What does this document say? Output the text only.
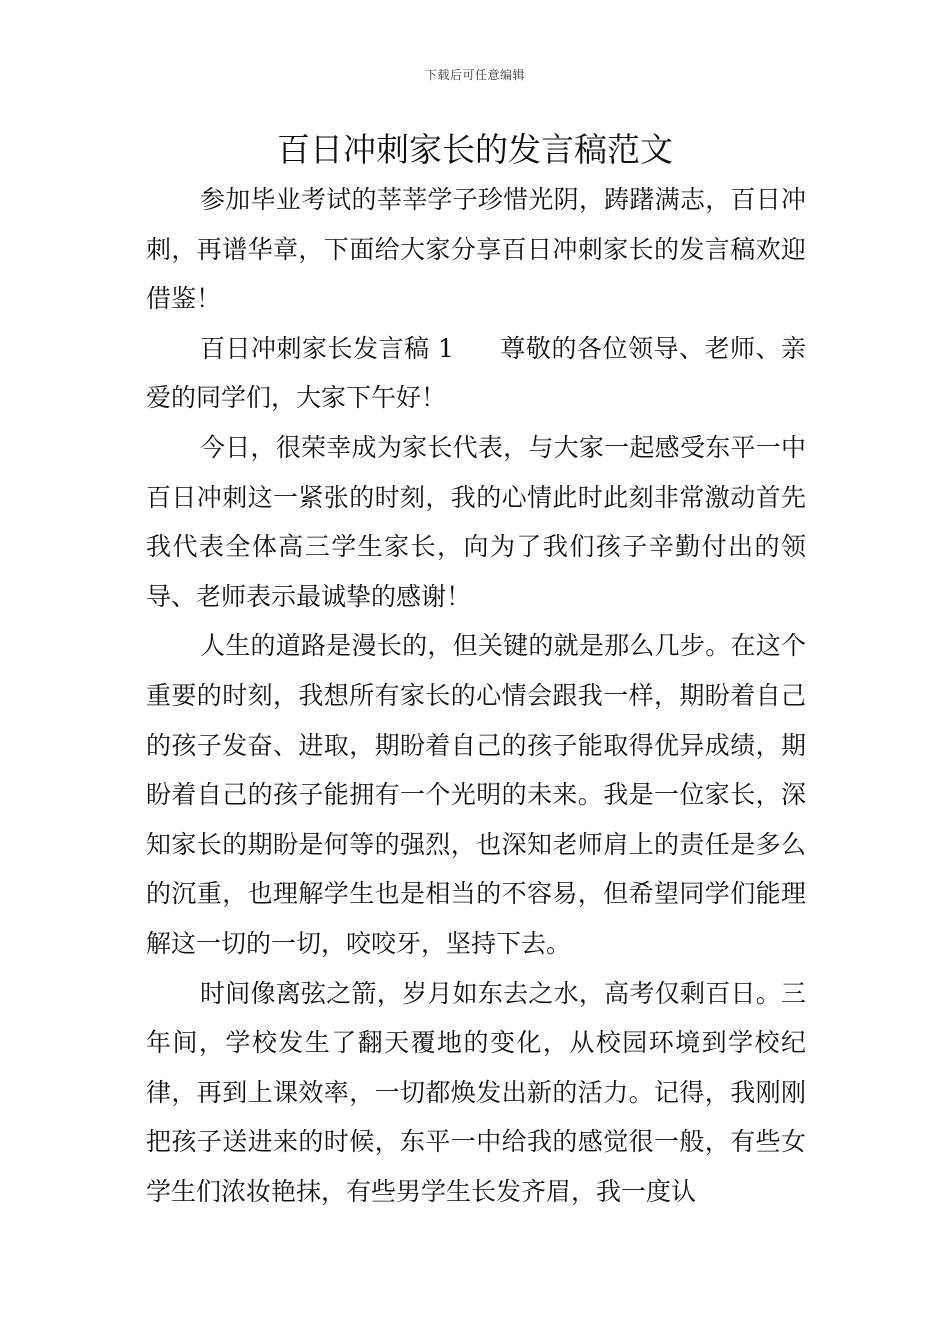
下载后可任意编辑
百日冲刺家长的发言稿范文

参加毕业考试的莘莘学子珍惜光阴，踌躇满志，百日冲刺，再谱华章，下面给大家分享百日冲刺家长的发言稿欢迎借鉴！

百日冲刺家长发言稿 1 尊敬的各位领导、老师、亲爱的同学们，大家下午好！

今日，很荣幸成为家长代表，与大家一起感受东平一中百日冲刺这一紧张的时刻，我的心情此时此刻非常激动首先我代表全体高三学生家长，向为了我们孩子辛勤付出的领导、老师表示最诚挚的感谢！

人生的道路是漫长的，但关键的就是那么几步。在这个重要的时刻，我想所有家长的心情会跟我一样，期盼着自己的孩子发奋、进取，期盼着自己的孩子能取得优异成绩，期盼着自己的孩子能拥有一个光明的未来。我是一位家长，深知家长的期盼是何等的强烈，也深知老师肩上的责任是多么的沉重，也理解学生也是相当的不容易，但希望同学们能理解这一切的一切，咬咬牙，坚持下去。

时间像离弦之箭，岁月如东去之水，高考仅剩百日。三年间，学校发生了翻天覆地的变化，从校园环境到学校纪律，再到上课效率，一切都焕发出新的活力。记得，我刚刚把孩子送进来的时候，东平一中给我的感觉很一般，有些女学生们浓妆艳抹，有些男学生长发齐眉，我一度认
